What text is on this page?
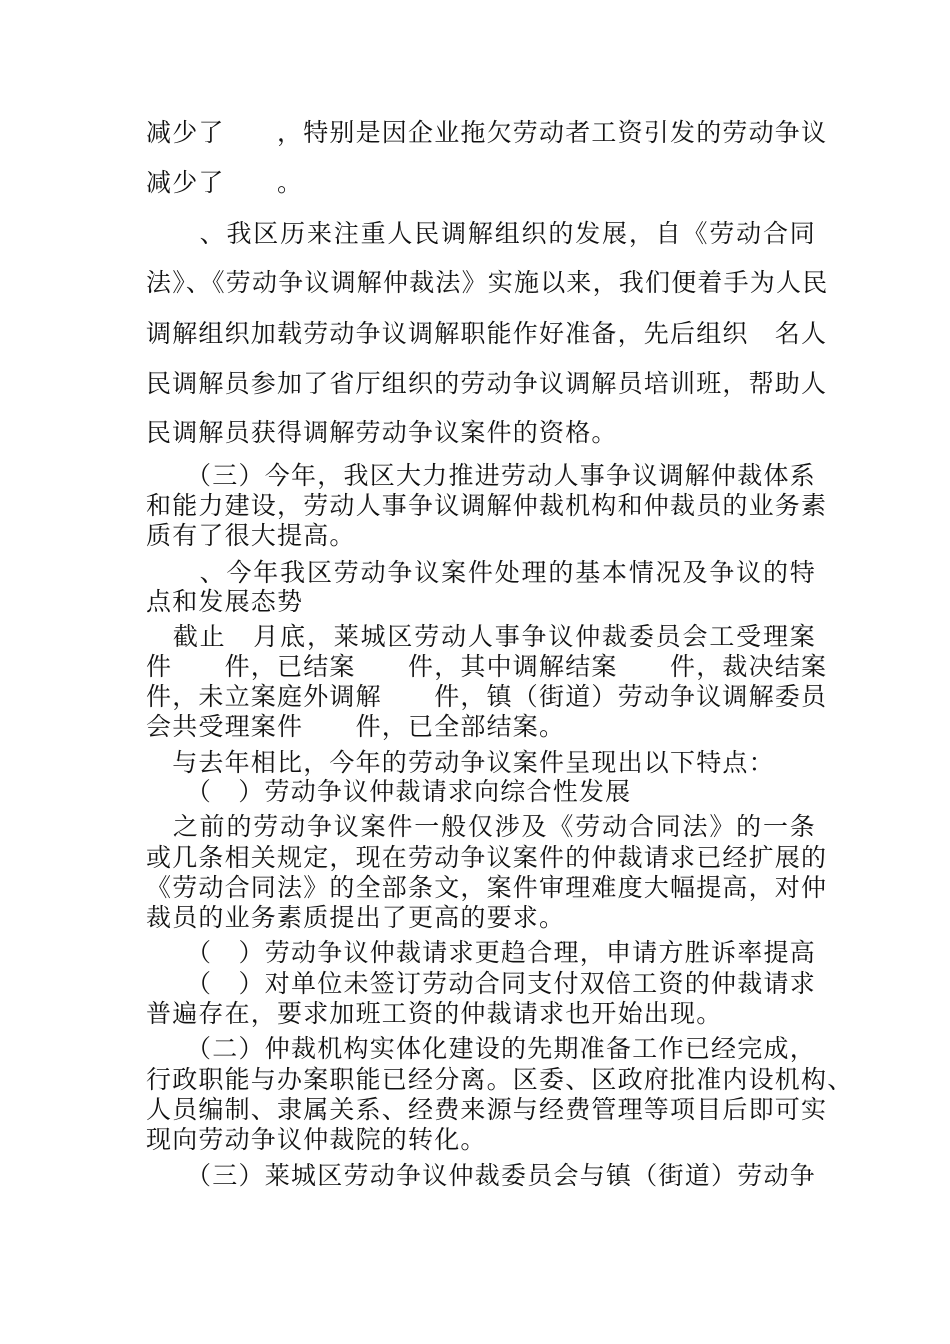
减少了　　，特别是因企业拖欠劳动者工资引发的劳动争议
减少了　　。
　　、我区历来注重人民调解组织的发展，自《劳动合同
法》、《劳动争议调解仲裁法》实施以来，我们便着手为人民
调解组织加载劳动争议调解职能作好准备，先后组织　名人
民调解员参加了省厅组织的劳动争议调解员培训班，帮助人
民调解员获得调解劳动争议案件的资格。
　　（三）今年，我区大力推进劳动人事争议调解仲裁体系
和能力建设，劳动人事争议调解仲裁机构和仲裁员的业务素
质有了很大提高。
　　、今年我区劳动争议案件处理的基本情况及争议的特
点和发展态势
　截止　月底，莱城区劳动人事争议仲裁委员会工受理案
件　　件，已结案　　件，其中调解结案　　件，裁决结案　
件，未立案庭外调解　　件，镇（街道）劳动争议调解委员
会共受理案件　　件，已全部结案。
　与去年相比，今年的劳动争议案件呈现出以下特点：
　　（　）劳动争议仲裁请求向综合性发展
　之前的劳动争议案件一般仅涉及《劳动合同法》的一条
或几条相关规定，现在劳动争议案件的仲裁请求已经扩展的
《劳动合同法》的全部条文，案件审理难度大幅提高，对仲
裁员的业务素质提出了更高的要求。
　　（　）劳动争议仲裁请求更趋合理，申请方胜诉率提高
　　（　）对单位未签订劳动合同支付双倍工资的仲裁请求
普遍存在，要求加班工资的仲裁请求也开始出现。
　　（二）仲裁机构实体化建设的先期准备工作已经完成，
行政职能与办案职能已经分离。区委、区政府批准内设机构、
人员编制、隶属关系、经费来源与经费管理等项目后即可实
现向劳动争议仲裁院的转化。
　　（三）莱城区劳动争议仲裁委员会与镇（街道）劳动争
